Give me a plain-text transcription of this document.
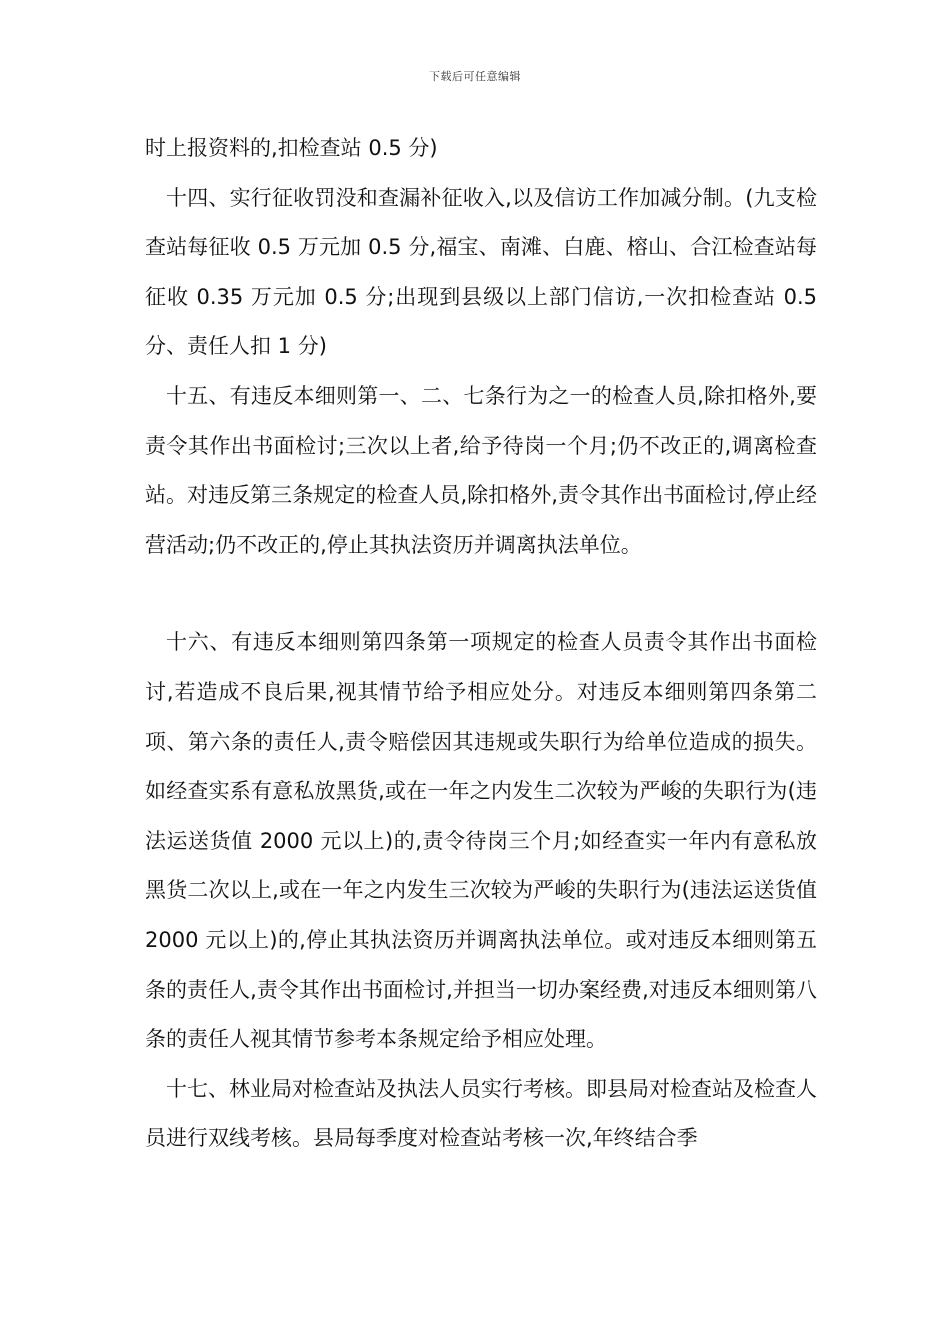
下载后可任意编辑

时上报资料的,扣检查站 0.5 分)

十四、实行征收罚没和查漏补征收入,以及信访工作加减分制。(九支检查站每征收 0.5 万元加 0.5 分,福宝、南滩、白鹿、榕山、合江检查站每征收 0.35 万元加 0.5 分;出现到县级以上部门信访,一次扣检查站 0.5 分、责任人扣 1 分)

十五、有违反本细则第一、二、七条行为之一的检查人员,除扣格外,要责令其作出书面检讨;三次以上者,给予待岗一个月;仍不改正的,调离检查站。对违反第三条规定的检查人员,除扣格外,责令其作出书面检讨,停止经营活动;仍不改正的,停止其执法资历并调离执法单位。

十六、有违反本细则第四条第一项规定的检查人员责令其作出书面检讨,若造成不良后果,视其情节给予相应处分。对违反本细则第四条第二项、第六条的责任人,责令赔偿因其违规或失职行为给单位造成的损失。如经查实系有意私放黑货,或在一年之内发生二次较为严峻的失职行为(违法运送货值 2000 元以上)的,责令待岗三个月;如经查实一年内有意私放黑货二次以上,或在一年之内发生三次较为严峻的失职行为(违法运送货值 2000 元以上)的,停止其执法资历并调离执法单位。或对违反本细则第五条的责任人,责令其作出书面检讨,并担当一切办案经费,对违反本细则第八条的责任人视其情节参考本条规定给予相应处理。

十七、林业局对检查站及执法人员实行考核。即县局对检查站及检查人员进行双线考核。县局每季度对检查站考核一次,年终结合季
